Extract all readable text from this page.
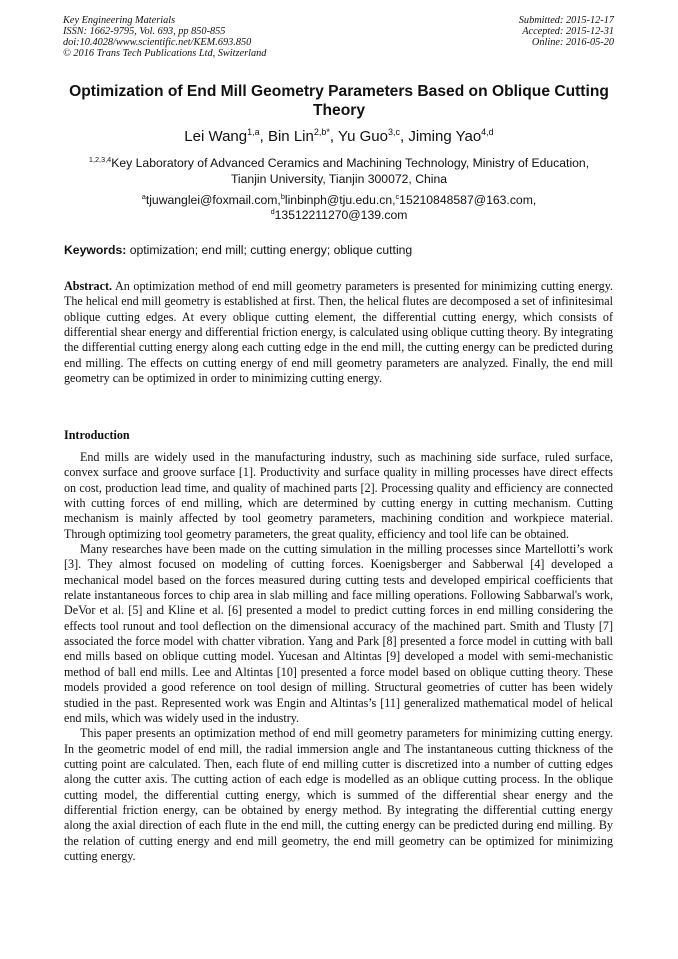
Key Engineering Materials
ISSN: 1662-9795, Vol. 693, pp 850-855
doi:10.4028/www.scientific.net/KEM.693.850
© 2016 Trans Tech Publications Ltd, Switzerland
Submitted: 2015-12-17
Accepted: 2015-12-31
Online: 2016-05-20
Optimization of End Mill Geometry Parameters Based on Oblique Cutting Theory
Lei Wang$^{1,a}$, Bin Lin$^{2,b*}$, Yu Guo$^{3,c}$, Jiming Yao$^{4,d}$
$^{1,2,3,4}$Key Laboratory of Advanced Ceramics and Machining Technology, Ministry of Education,
Tianjin University, Tianjin 300072, China
$^a$tjuwanglei@foxmail.com,$^b$linbinph@tju.edu.cn,$^c$15210848587@163.com,
$^d$13512211270@139.com
Keywords: optimization; end mill; cutting energy; oblique cutting
Abstract. An optimization method of end mill geometry parameters is presented for minimizing cutting energy. The helical end mill geometry is established at first. Then, the helical flutes are decomposed a set of infinitesimal oblique cutting edges. At every oblique cutting element, the differential cutting energy, which consists of differential shear energy and differential friction energy, is calculated using oblique cutting theory. By integrating the differential cutting energy along each cutting edge in the end mill, the cutting energy can be predicted during end milling. The effects on cutting energy of end mill geometry parameters are analyzed. Finally, the end mill geometry can be optimized in order to minimizing cutting energy.
Introduction

End mills are widely used in the manufacturing industry, such as machining side surface, ruled surface, convex surface and groove surface [1]. Productivity and surface quality in milling processes have direct effects on cost, production lead time, and quality of machined parts [2]. Processing quality and efficiency are connected with cutting forces of end milling, which are determined by cutting energy in cutting mechanism. Cutting mechanism is mainly affected by tool geometry parameters, machining condition and workpiece material. Through optimizing tool geometry parameters, the great quality, efficiency and tool life can be obtained.

Many researches have been made on the cutting simulation in the milling processes since Martellotti’s work [3]. They almost focused on modeling of cutting forces. Koenigsberger and Sabberwal [4] developed a mechanical model based on the forces measured during cutting tests and developed empirical coefficients that relate instantaneous forces to chip area in slab milling and face milling operations. Following Sabbarwal's work, DeVor et al. [5] and Kline et al. [6] presented a model to predict cutting forces in end milling considering the effects tool runout and tool deflection on the dimensional accuracy of the machined part. Smith and Tlusty [7] associated the force model with chatter vibration. Yang and Park [8] presented a force model in cutting with ball end mills based on oblique cutting model. Yucesan and Altintas [9] developed a model with semi-mechanistic method of ball end mills. Lee and Altintas [10] presented a force model based on oblique cutting theory. These models provided a good reference on tool design of milling. Structural geometries of cutter has been widely studied in the past. Represented work was Engin and Altintas’s [11] generalized mathematical model of helical end mils, which was widely used in the industry.

This paper presents an optimization method of end mill geometry parameters for minimizing cutting energy. In the geometric model of end mill, the radial immersion angle and The instantaneous cutting thickness of the cutting point are calculated. Then, each flute of end milling cutter is discretized into a number of cutting edges along the cutter axis. The cutting action of each edge is modelled as an oblique cutting process. In the oblique cutting model, the differential cutting energy, which is summed of the differential shear energy and the differential friction energy, can be obtained by energy method. By integrating the differential cutting energy along the axial direction of each flute in the end mill, the cutting energy can be predicted during end milling. By the relation of cutting energy and end mill geometry, the end mill geometry can be optimized for minimizing cutting energy.
